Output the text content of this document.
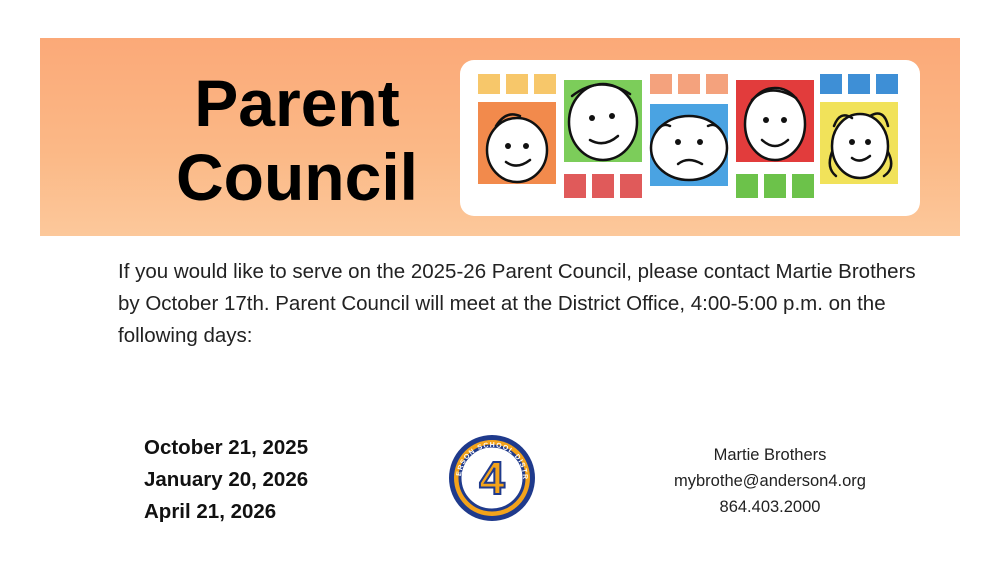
Parent
Council

If you would like to serve on the 2025-26 Parent Council, please contact Martie Brothers by October 17th. Parent Council will meet at the District Office, 4:00-5:00 p.m. on the following days:

October 21, 2025
January 20, 2026
April 21, 2026
4
ERSON SCHOOL DISTR
Martie Brothers
mybrothe@anderson4.org
864.403.2000
